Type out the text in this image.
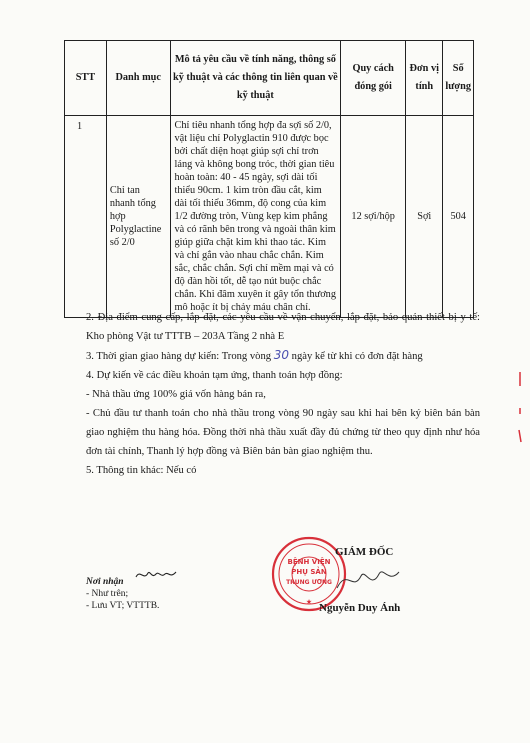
STT	Danh mục	Mô tả yêu cầu về tính năng, thông số kỹ thuật và các thông tin liên quan về kỹ thuật	Quy cách đóng gói	Đơn vị tính	Số lượng
1	Chỉ tan nhanh tổng hợp Polyglactine số 2/0	Chỉ tiêu nhanh tổng hợp đa sợi số 2/0, vật liệu chỉ Polyglactin 910 được bọc bởi chất diện hoạt giúp sợi chỉ trơn láng và không bong tróc, thời gian tiêu hoàn toàn: 40 - 45 ngày, sợi dài tối thiểu 90cm. 1 kim tròn đầu cắt, kim dài tối thiểu 36mm, độ cong của kim 1/2 đường tròn, Vùng kẹp kim phẳng và có rãnh bên trong và ngoài thân kim giúp giữa chặt kim khi thao tác. Kim và chỉ gắn vào nhau chắc chắn. Kim sắc, chắc chắn. Sợi chỉ mềm mại và có độ đàn hồi tốt, dễ tạo nút buộc chắc chắn. Khi đâm xuyên ít gây tổn thương mô hoặc ít bị chảy máu chân chỉ.	12 sợi/hộp	Sợi	504
2. Địa điểm cung cấp, lắp đặt, các yêu cầu về vận chuyển, lắp đặt, bảo quản thiết bị y tế: Kho phòng Vật tư TTTB – 203A Tầng 2 nhà E
3. Thời gian giao hàng dự kiến: Trong vòng 30 ngày kể từ khi có đơn đặt hàng
4. Dự kiến về các điều khoản tạm ứng, thanh toán hợp đồng:
- Nhà thầu ứng 100% giá vốn hàng bán ra,
- Chủ đầu tư thanh toán cho nhà thầu trong vòng 90 ngày sau khi hai bên ký biên bản bàn giao nghiệm thu hàng hóa. Đồng thời nhà thầu xuất đầy đủ chứng từ theo quy định như hóa đơn tài chính, Thanh lý hợp đồng và Biên bản bàn giao nghiệm thu.
5. Thông tin khác: Nếu có
Nơi nhận
- Như trên;
- Lưu VT; VTTTB.
BỆNH VIỆN
PHỤ SẢN
TRUNG ƯƠNG
★
GIÁM ĐỐC
Nguyễn Duy Ánh
